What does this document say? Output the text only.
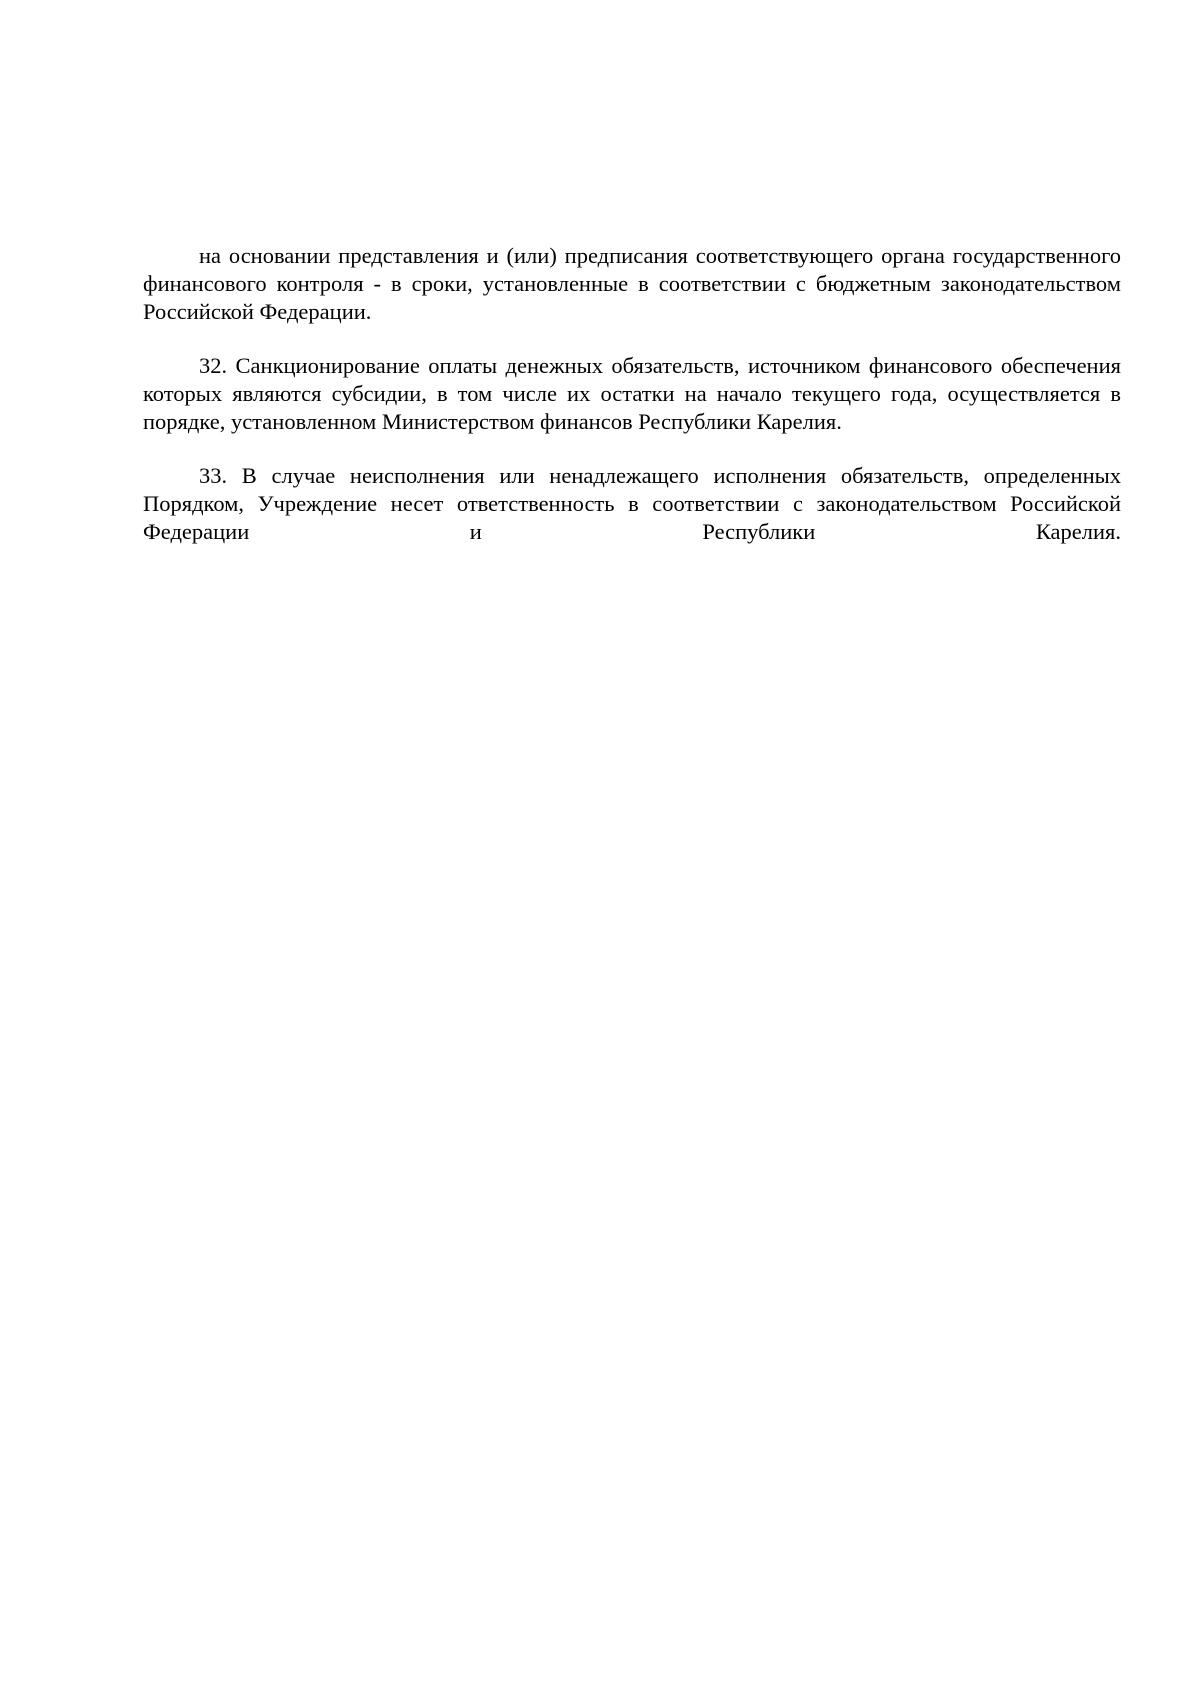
на основании представления и (или) предписания соответствующего органа государственного финансового контроля - в сроки, установленные в соответствии с бюджетным законодательством Российской Федерации.

32. Санкционирование оплаты денежных обязательств, источником финансового обеспечения которых являются субсидии, в том числе их остатки на начало текущего года, осуществляется в порядке, установленном Министерством финансов Республики Карелия.

33. В случае неисполнения или ненадлежащего исполнения обязательств, определенных Порядком, Учреждение несет ответственность в соответствии с законодательством Российской Федерации и Республики Карелия.
